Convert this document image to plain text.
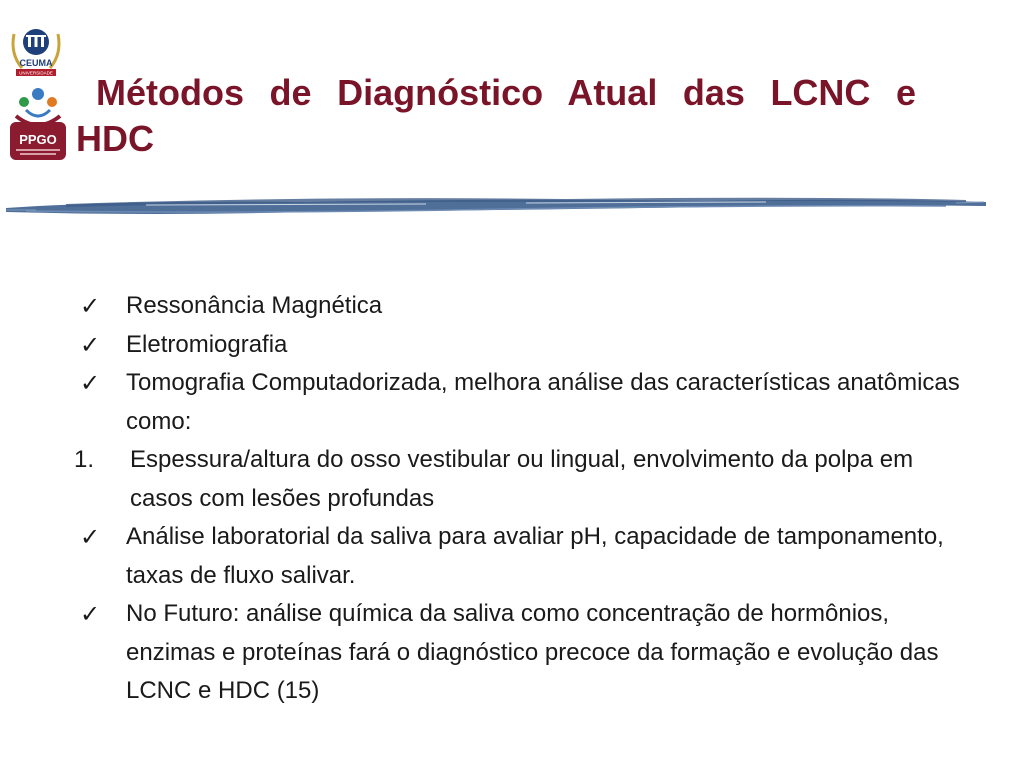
CEUMA
UNIVERSIDADE
PPGO
Métodos de Diagnóstico Atual das LCNC e
HDC
✓	Ressonância Magnética
✓	Eletromiografia
✓	Tomografia Computadorizada, melhora análise das características anatômicas como:
1.	Espessura/altura do osso vestibular ou lingual, envolvimento da polpa em casos com lesões profundas
✓	Análise laboratorial da saliva para avaliar pH, capacidade de tamponamento, taxas de fluxo salivar.
✓	No Futuro: análise química da saliva como concentração de hormônios, enzimas e proteínas fará o diagnóstico precoce da formação e evolução das LCNC e HDC (15)
